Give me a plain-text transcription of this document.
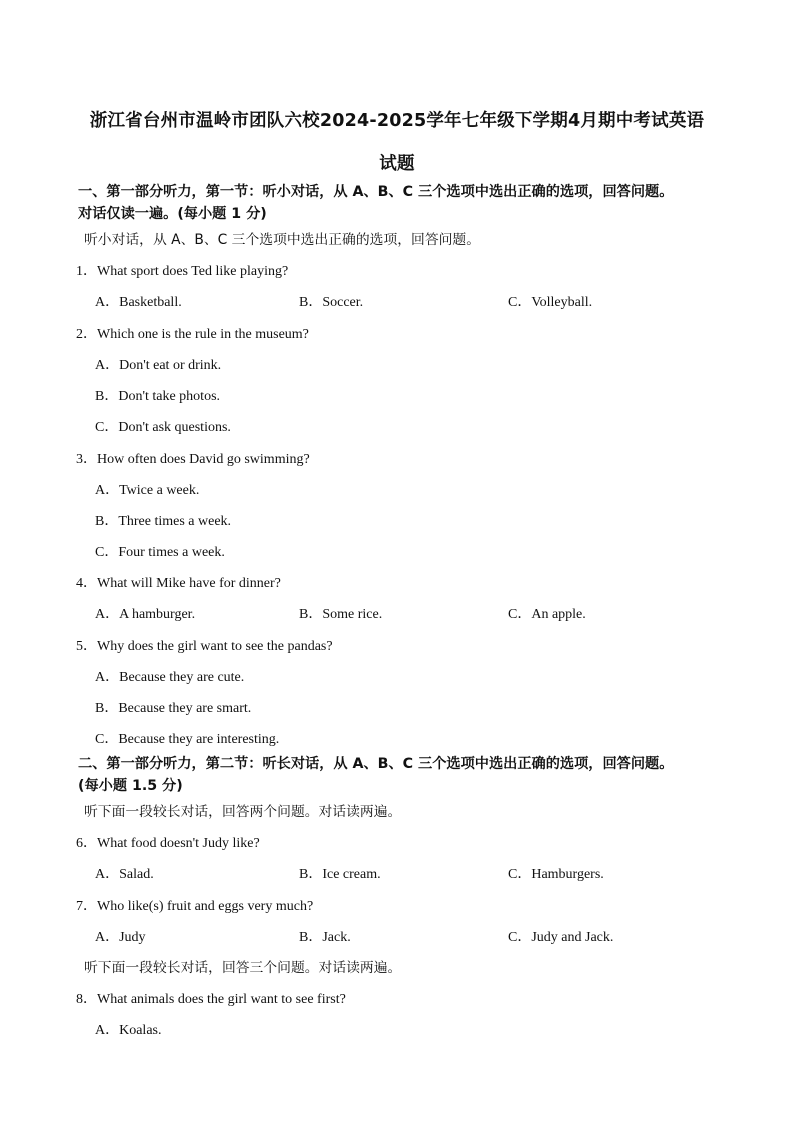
浙江省台州市温岭市团队六校2024-2025学年七年级下学期4月期中考试英语
试题
一、第一部分听力，第一节：听小对话，从 A、B、C 三个选项中选出正确的选项，回答问题。
对话仅读一遍。(每小题 1 分)
听小对话，从 A、B、C 三个选项中选出正确的选项，回答问题。
1．What sport does Ted like playing?
A．Basketball.	B．Soccer.	C．Volleyball.
2．Which one is the rule in the museum?
A．Don't eat or drink.
B．Don't take photos.
C．Don't ask questions.
3．How often does David go swimming?
A．Twice a week.
B．Three times a week.
C．Four times a week.
4．What will Mike have for dinner?
A．A hamburger.	B．Some rice.	C．An apple.
5．Why does the girl want to see the pandas?
A．Because they are cute.
B．Because they are smart.
C．Because they are interesting.
二、第一部分听力，第二节：听长对话，从 A、B、C 三个选项中选出正确的选项，回答问题。
(每小题 1.5 分)
听下面一段较长对话，回答两个问题。对话读两遍。
6．What food doesn't Judy like?
A．Salad.	B．Ice cream.	C．Hamburgers.
7．Who like(s) fruit and eggs very much?
A．Judy	B．Jack.	C．Judy and Jack.
听下面一段较长对话，回答三个问题。对话读两遍。
8．What animals does the girl want to see first?
A．Koalas.
